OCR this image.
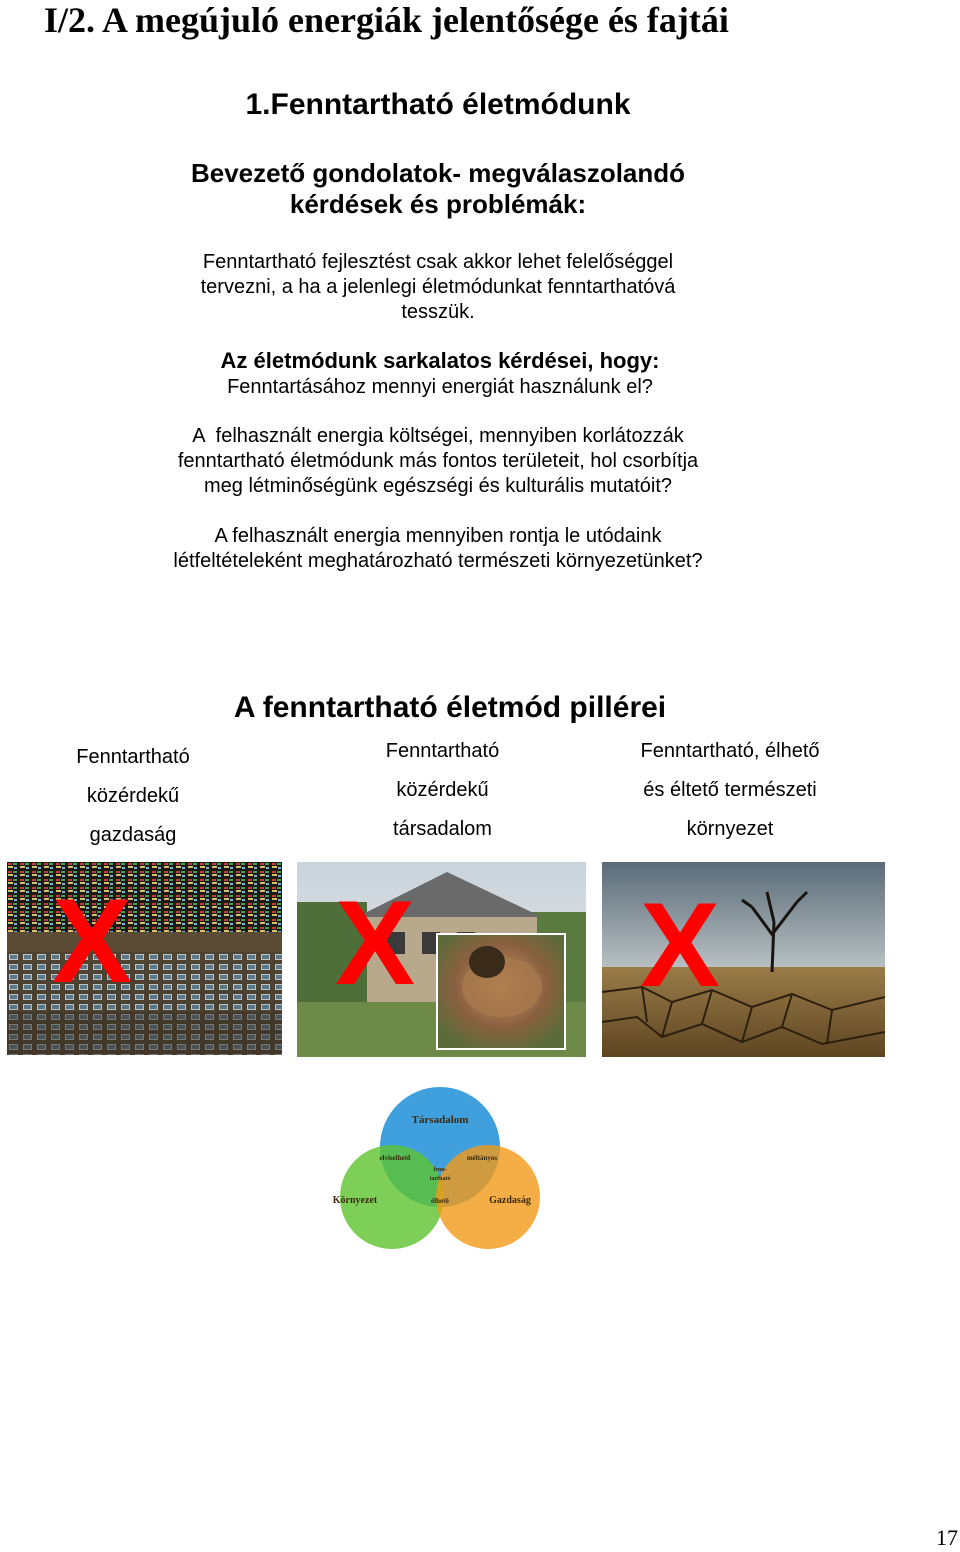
I/2. A megújuló energiák jelentősége és fajtái
1.Fenntartható életmódunk
Bevezető gondolatok- megválaszolandó
kérdések és problémák:
Fenntartható fejlesztést csak akkor lehet felelőséggel
tervezni, a ha a jelenlegi életmódunkat fenntarthatóvá
tesszük.
Az életmódunk sarkalatos kérdései, hogy:
Fenntartásához mennyi energiát használunk el?
A  felhasznált energia költségei, mennyiben korlátozzák
fenntartható életmódunk más fontos területeit, hol csorbítja
meg létminőségünk egészségi és kulturális mutatóit?
A felhasznált energia mennyiben rontja le utódaink
létfeltételeként meghatározható természeti környezetünket?
A fenntartható életmód pillérei
Fenntartható
közérdekű
gazdaság
Fenntartható
közérdekű
társadalom
Fenntartható, élhető
és éltető természeti
környezet
X X X
Társadalom
Környezet	Gazdaság
elviselhető	méltányos
élhető
fenn-
tartható
17
